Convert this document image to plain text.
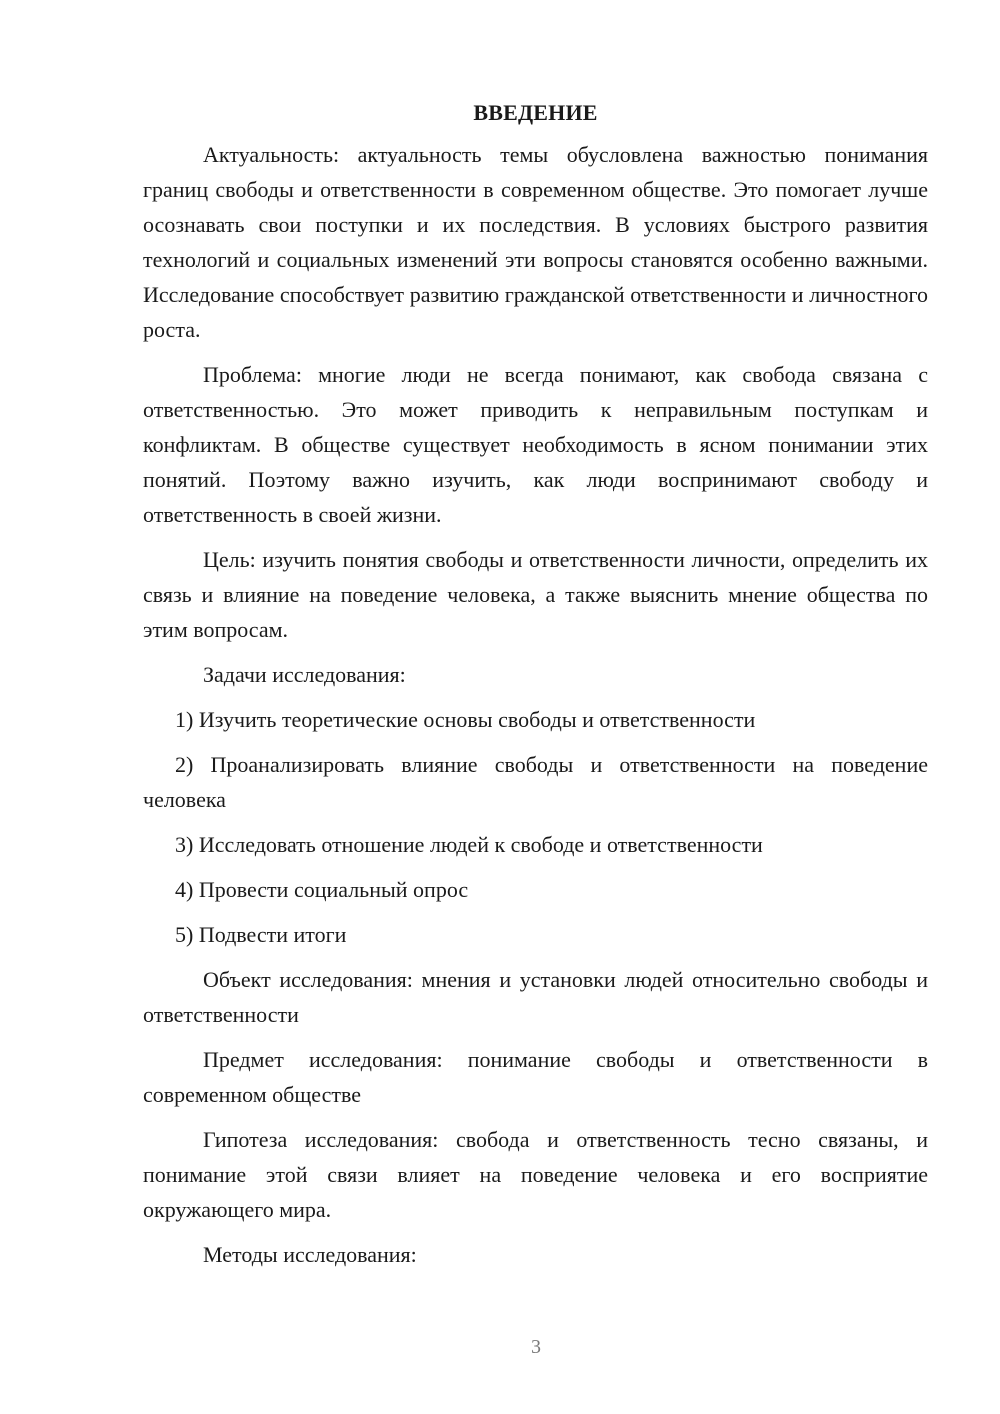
ВВЕДЕНИЕ

Актуальность: актуальность темы обусловлена важностью понимания границ свободы и ответственности в современном обществе. Это помогает лучше осознавать свои поступки и их последствия. В условиях быстрого развития технологий и социальных изменений эти вопросы становятся особенно важными. Исследование способствует развитию гражданской ответственности и личностного роста.

Проблема: многие люди не всегда понимают, как свобода связана с ответственностью. Это может приводить к неправильным поступкам и конфликтам. В обществе существует необходимость в ясном понимании этих понятий. Поэтому важно изучить, как люди воспринимают свободу и ответственность в своей жизни.

Цель: изучить понятия свободы и ответственности личности, определить их связь и влияние на поведение человека, а также выяснить мнение общества по этим вопросам.

Задачи исследования:

1) Изучить теоретические основы свободы и ответственности

2) Проанализировать влияние свободы и ответственности на поведение человека

3) Исследовать отношение людей к свободе и ответственности

4) Провести социальный опрос

5) Подвести итоги

Объект исследования: мнения и установки людей относительно свободы и ответственности

Предмет исследования: понимание свободы и ответственности в современном обществе

Гипотеза исследования: свобода и ответственность тесно связаны, и понимание этой связи влияет на поведение человека и его восприятие окружающего мира.

Методы исследования:

3
